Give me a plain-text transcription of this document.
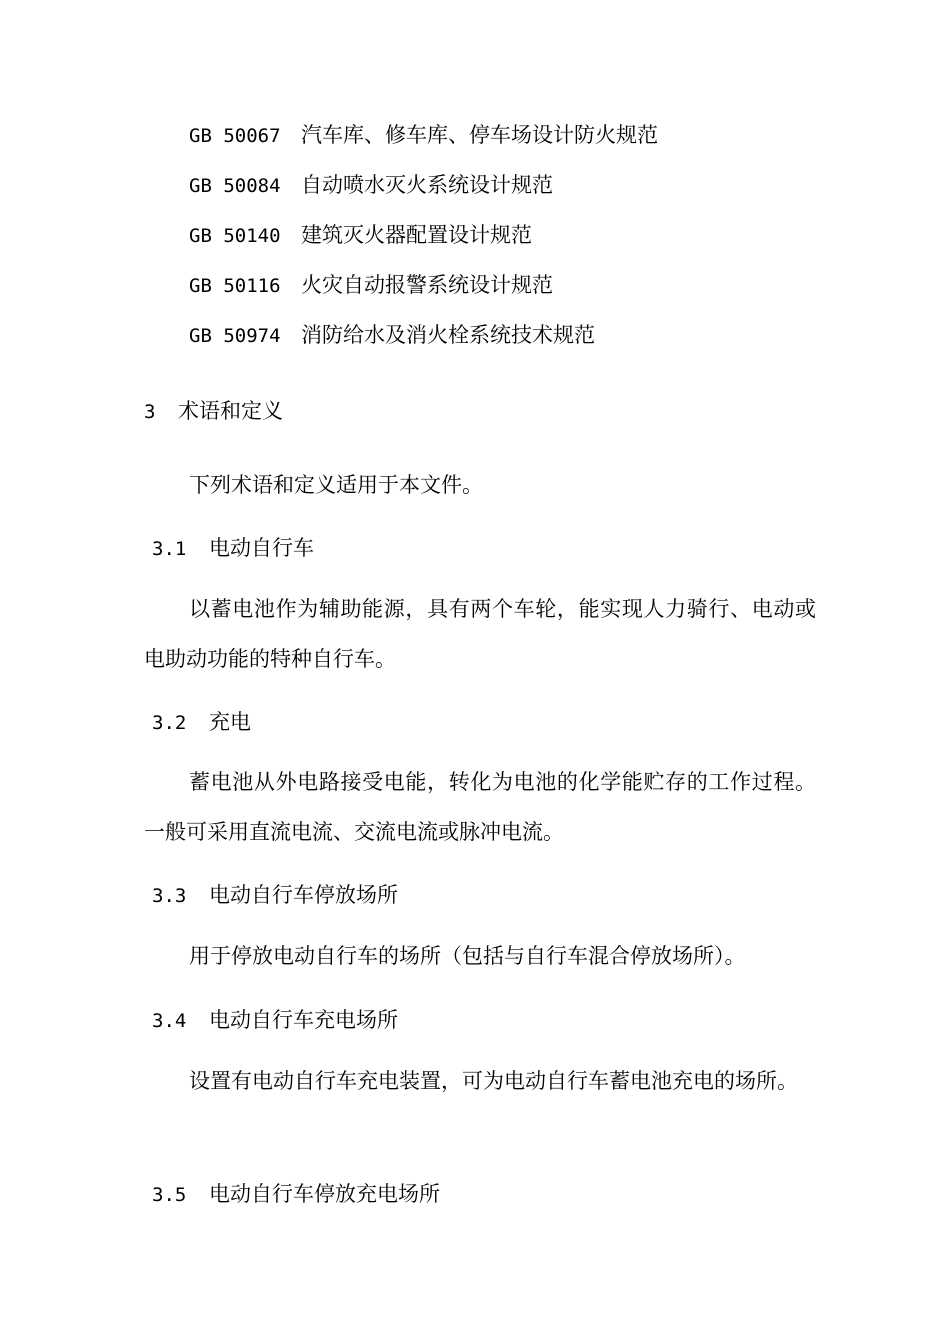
GB 50067 汽车库、修车库、停车场设计防火规范
GB 50084 自动喷水灭火系统设计规范
GB 50140 建筑灭火器配置设计规范
GB 50116 火灾自动报警系统设计规范
GB 50974 消防给水及消火栓系统技术规范
3 术语和定义

下列术语和定义适用于本文件。

3.1 电动自行车

以蓄电池作为辅助能源，具有两个车轮，能实现人力骑行、电动或电助动功能的特种自行车。

3.2 充电

蓄电池从外电路接受电能，转化为电池的化学能贮存的工作过程。一般可采用直流电流、交流电流或脉冲电流。

3.3 电动自行车停放场所

用于停放电动自行车的场所（包括与自行车混合停放场所）。

3.4 电动自行车充电场所

设置有电动自行车充电装置，可为电动自行车蓄电池充电的场所。

3.5 电动自行车停放充电场所
